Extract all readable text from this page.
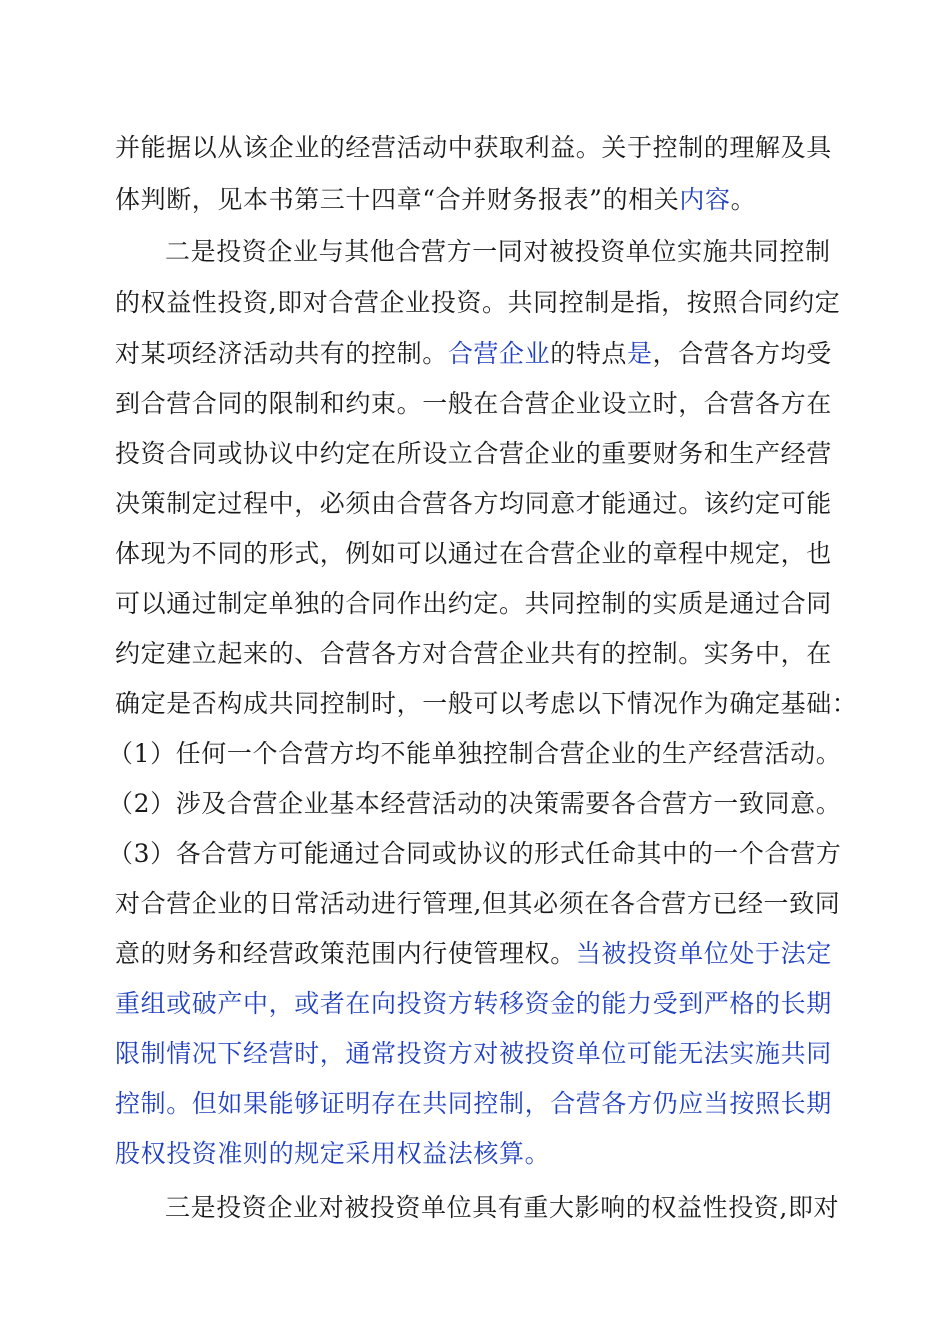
并能据以从该企业的经营活动中获取利益。关于控制的理解及具
体判断，见本书第三十四章“合并财务报表”的相关内容。
二是投资企业与其他合营方一同对被投资单位实施共同控制
的权益性投资,即对合营企业投资。共同控制是指，按照合同约定
对某项经济活动共有的控制。合营企业的特点是，合营各方均受
到合营合同的限制和约束。一般在合营企业设立时，合营各方在
投资合同或协议中约定在所设立合营企业的重要财务和生产经营
决策制定过程中，必须由合营各方均同意才能通过。该约定可能
体现为不同的形式，例如可以通过在合营企业的章程中规定，也
可以通过制定单独的合同作出约定。共同控制的实质是通过合同
约定建立起来的、合营各方对合营企业共有的控制。实务中，在
确定是否构成共同控制时，一般可以考虑以下情况作为确定基础：
（1）任何一个合营方均不能单独控制合营企业的生产经营活动。
（2）涉及合营企业基本经营活动的决策需要各合营方一致同意。
（3）各合营方可能通过合同或协议的形式任命其中的一个合营方
对合营企业的日常活动进行管理,但其必须在各合营方已经一致同
意的财务和经营政策范围内行使管理权。当被投资单位处于法定
重组或破产中，或者在向投资方转移资金的能力受到严格的长期
限制情况下经营时，通常投资方对被投资单位可能无法实施共同
控制。但如果能够证明存在共同控制，合营各方仍应当按照长期
股权投资准则的规定采用权益法核算。
三是投资企业对被投资单位具有重大影响的权益性投资,即对
